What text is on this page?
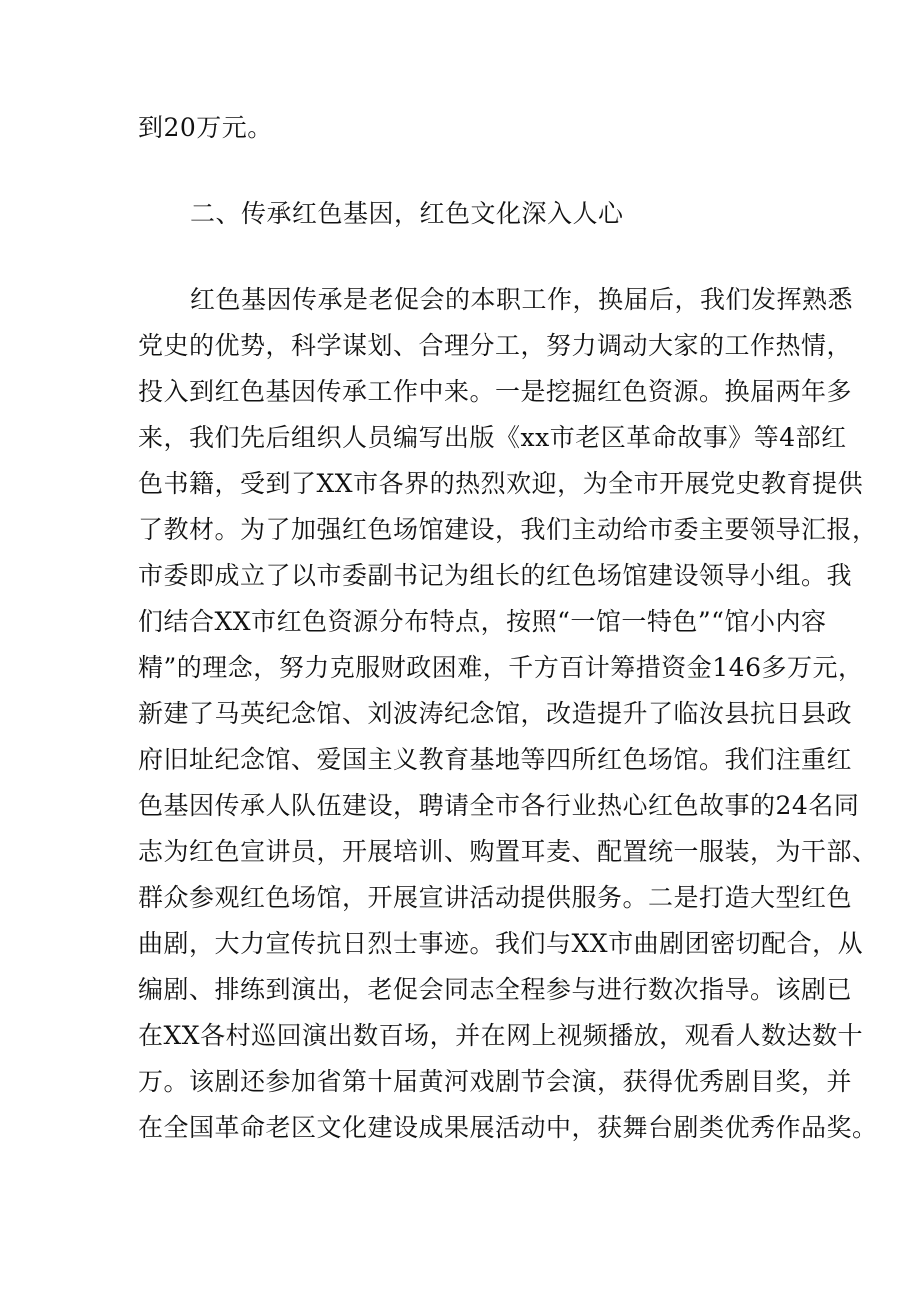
到20万元。

二、传承红色基因，红色文化深入人心

红色基因传承是老促会的本职工作，换届后，我们发挥熟悉

党史的优势，科学谋划、合理分工，努力调动大家的工作热情，

投入到红色基因传承工作中来。一是挖掘红色资源。换届两年多

来，我们先后组织人员编写出版《xx市老区革命故事》等4部红

色书籍，受到了XX市各界的热烈欢迎，为全市开展党史教育提供

了教材。为了加强红色场馆建设，我们主动给市委主要领导汇报，

市委即成立了以市委副书记为组长的红色场馆建设领导小组。我

们结合XX市红色资源分布特点，按照“一馆一特色”“馆小内容

精”的理念，努力克服财政困难，千方百计筹措资金146多万元，

新建了马英纪念馆、刘波涛纪念馆，改造提升了临汝县抗日县政

府旧址纪念馆、爱国主义教育基地等四所红色场馆。我们注重红

色基因传承人队伍建设，聘请全市各行业热心红色故事的24名同

志为红色宣讲员，开展培训、购置耳麦、配置统一服装，为干部、

群众参观红色场馆，开展宣讲活动提供服务。二是打造大型红色

曲剧，大力宣传抗日烈士事迹。我们与XX市曲剧团密切配合，从

编剧、排练到演出，老促会同志全程参与进行数次指导。该剧已

在XX各村巡回演出数百场，并在网上视频播放，观看人数达数十

万。该剧还参加省第十届黄河戏剧节会演，获得优秀剧目奖，并

在全国革命老区文化建设成果展活动中，获舞台剧类优秀作品奖。
